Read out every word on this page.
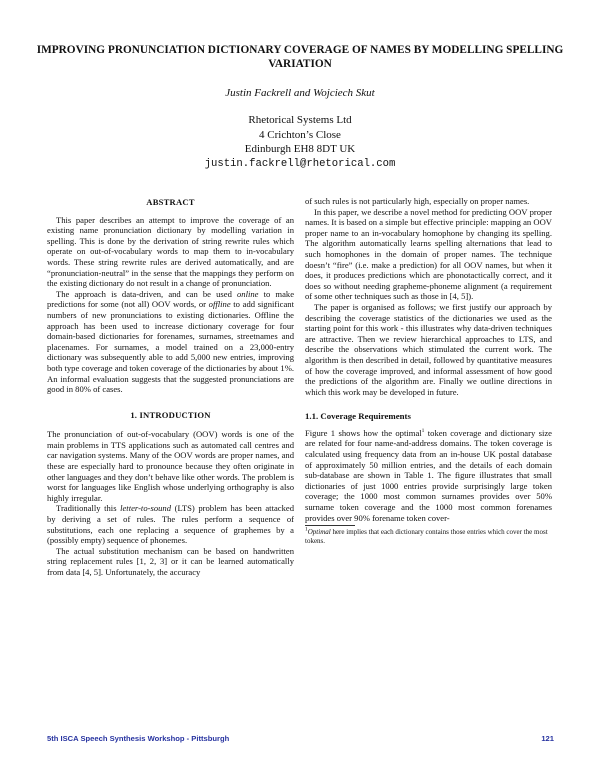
IMPROVING PRONUNCIATION DICTIONARY COVERAGE OF NAMES BY MODELLING SPELLING VARIATION
Justin Fackrell and Wojciech Skut
Rhetorical Systems Ltd
4 Crichton’s Close
Edinburgh EH8 8DT UK
justin.fackrell@rhetorical.com
ABSTRACT

This paper describes an attempt to improve the coverage of an existing name pronunciation dictionary by modelling variation in spelling. This is done by the derivation of string rewrite rules which operate on out-of-vocabulary words to map them to in-vocabulary words. These string rewrite rules are derived automatically, and are “pronunciation-neutral” in the sense that the mappings they perform on the existing dictionary do not result in a change of pronunciation.

The approach is data-driven, and can be used online to make predictions for some (not all) OOV words, or offline to add significant numbers of new pronunciations to existing dictionaries. Offline the approach has been used to increase dictionary coverage for four domain-based dictionaries for forenames, surnames, streetnames and placenames. For surnames, a model trained on a 23,000-entry dictionary was subsequently able to add 5,000 new entries, improving both type coverage and token coverage of the dictionaries by about 1%. An informal evaluation suggests that the suggested pronunciations are good in 80% of cases.

1. INTRODUCTION

The pronunciation of out-of-vocabulary (OOV) words is one of the main problems in TTS applications such as automated call centres and car navigation systems. Many of the OOV words are proper names, and these are especially hard to pronounce because they often originate in other languages and they don’t behave like other words. The problem is worst for languages like English whose underlying orthography is also highly irregular.

Traditionally this letter-to-sound (LTS) problem has been attacked by deriving a set of rules. The rules perform a sequence of substitutions, each one replacing a sequence of graphemes by a (possibly empty) sequence of phonemes.

The actual substitution mechanism can be based on handwritten string replacement rules [1, 2, 3] or it can be learned automatically from data [4, 5]. Unfortunately, the accuracy

of such rules is not particularly high, especially on proper names.

In this paper, we describe a novel method for predicting OOV proper names. It is based on a simple but effective principle: mapping an OOV proper name to an in-vocabulary homophone by changing its spelling. The algorithm automatically learns spelling alternations that lead to such homophones in the domain of proper names. The technique doesn’t “fire” (i.e. make a prediction) for all OOV names, but when it does, it produces predictions which are phonotactically correct, and it does so without needing grapheme-phoneme alignment (a requirement of some other techniques such as those in [4, 5]).

The paper is organised as follows; we first justify our approach by describing the coverage statistics of the dictionaries we used as the starting point for this work - this illustrates why data-driven techniques are attractive. Then we review hierarchical approaches to LTS, and describe the observations which stimulated the current work. The algorithm is then described in detail, followed by quantitative measures of how the coverage improved, and informal assessment of how good the predictions of the algorithm are. Finally we outline directions in which this work may be developed in future.

1.1. Coverage Requirements

Figure 1 shows how the optimal$^1$ token coverage and dictionary size are related for four name-and-address domains. The token coverage is calculated using frequency data from an in-house UK postal database of approximately 50 million entries, and the details of each domain sub-database are shown in Table 1. The figure illustrates that small dictionaries of just 1000 entries provide surprisingly large token coverage; the 1000 most common surnames provides over 50% surname token coverage and the 1000 most common forenames provides over 90% forename token cover-

$^1$Optimal here implies that each dictionary contains those entries which cover the most tokens.
5th ISCA Speech Synthesis Workshop - Pittsburgh	121
